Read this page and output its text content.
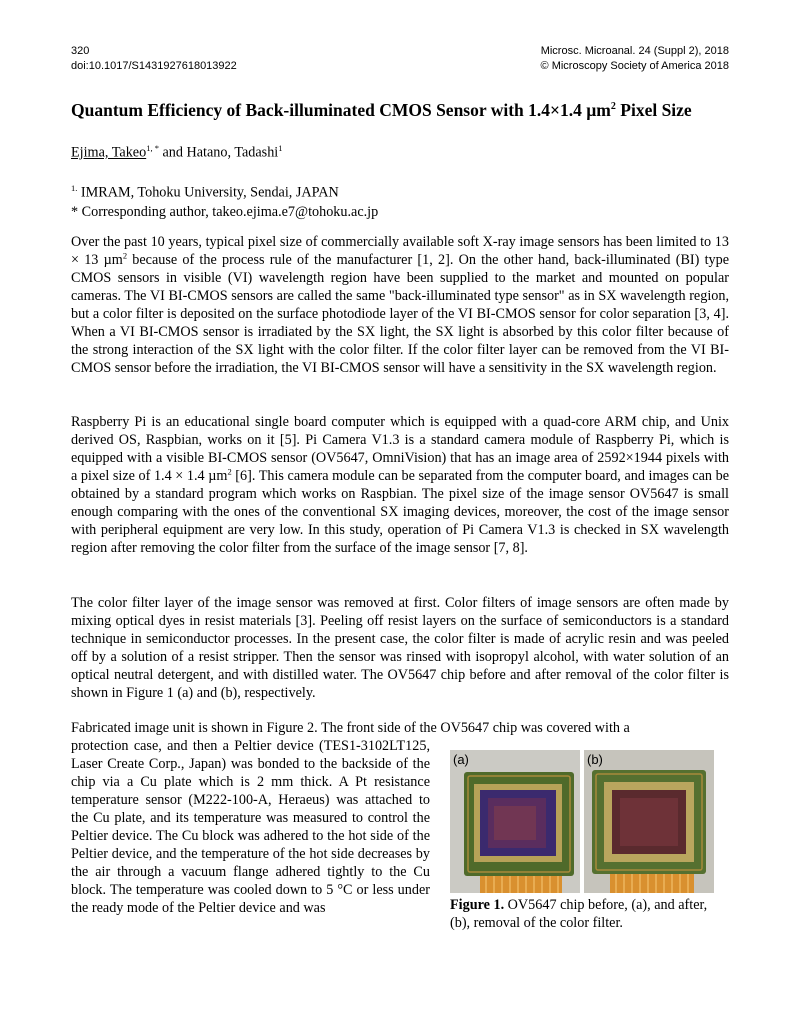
320
doi:10.1017/S1431927618013922
Microsc. Microanal. 24 (Suppl 2), 2018
© Microscopy Society of America 2018
Quantum Efficiency of Back-illuminated CMOS Sensor with 1.4×1.4 µm$^2$ Pixel Size
Ejima, Takeo$^{1, *}$ and Hatano, Tadashi$^1$
$^{1.}$ IMRAM, Tohoku University, Sendai, JAPAN
* Corresponding author, takeo.ejima.e7@tohoku.ac.jp

Over the past 10 years, typical pixel size of commercially available soft X-ray image sensors has been limited to 13 × 13 µm$^2$ because of the process rule of the manufacturer [1, 2]. On the other hand, back-illuminated (BI) type CMOS sensors in visible (VI) wavelength region have been supplied to the market and mounted on popular cameras. The VI BI-CMOS sensors are called the same "back-illuminated type sensor" as in SX wavelength region, but a color filter is deposited on the surface photodiode layer of the VI BI-CMOS sensor for color separation [3, 4]. When a VI BI-CMOS sensor is irradiated by the SX light, the SX light is absorbed by this color filter because of the strong interaction of the SX light with the color filter. If the color filter layer can be removed from the VI BI-CMOS sensor before the irradiation, the VI BI-CMOS sensor will have a sensitivity in the SX wavelength region.

Raspberry Pi is an educational single board computer which is equipped with a quad-core ARM chip, and Unix derived OS, Raspbian, works on it [5]. Pi Camera V1.3 is a standard camera module of Raspberry Pi, which is equipped with a visible BI-CMOS sensor (OV5647, OmniVision) that has an image area of 2592×1944 pixels with a pixel size of 1.4 × 1.4 µm$^2$ [6]. This camera module can be separated from the computer board, and images can be obtained by a standard program which works on Raspbian. The pixel size of the image sensor OV5647 is small enough comparing with the ones of the conventional SX imaging devices, moreover, the cost of the image sensor with peripheral equipment are very low. In this study, operation of Pi Camera V1.3 is checked in SX wavelength region after removing the color filter from the surface of the image sensor [7, 8].

The color filter layer of the image sensor was removed at first. Color filters of image sensors are often made by mixing optical dyes in resist materials [3]. Peeling off resist layers on the surface of semiconductors is a standard technique in semiconductor processes. In the present case, the color filter is made of acrylic resin and was peeled off by a solution of a resist stripper. Then the sensor was rinsed with isopropyl alcohol, with water solution of an optical neutral detergent, and with distilled water. The OV5647 chip before and after removal of the color filter is shown in Figure 1 (a) and (b), respectively.

Fabricated image unit is shown in Figure 2. The front side of the OV5647 chip was covered with a

protection case, and then a Peltier device (TES1-3102LT125, Laser Create Corp., Japan) was bonded to the backside of the chip via a Cu plate which is 2 mm thick. A Pt resistance temperature sensor (M222-100-A, Heraeus) was attached to the Cu plate, and its temperature was measured to control the Peltier device. The Cu block was adhered to the hot side of the Peltier device, and the temperature of the hot side decreases by the air through a vacuum flange adhered tightly to the Cu block. The temperature was cooled down to 5 °C or less under the ready mode of the Peltier device and was

(a)	(b)
Figure 1. OV5647 chip before, (a), and after, (b), removal of the color filter.
